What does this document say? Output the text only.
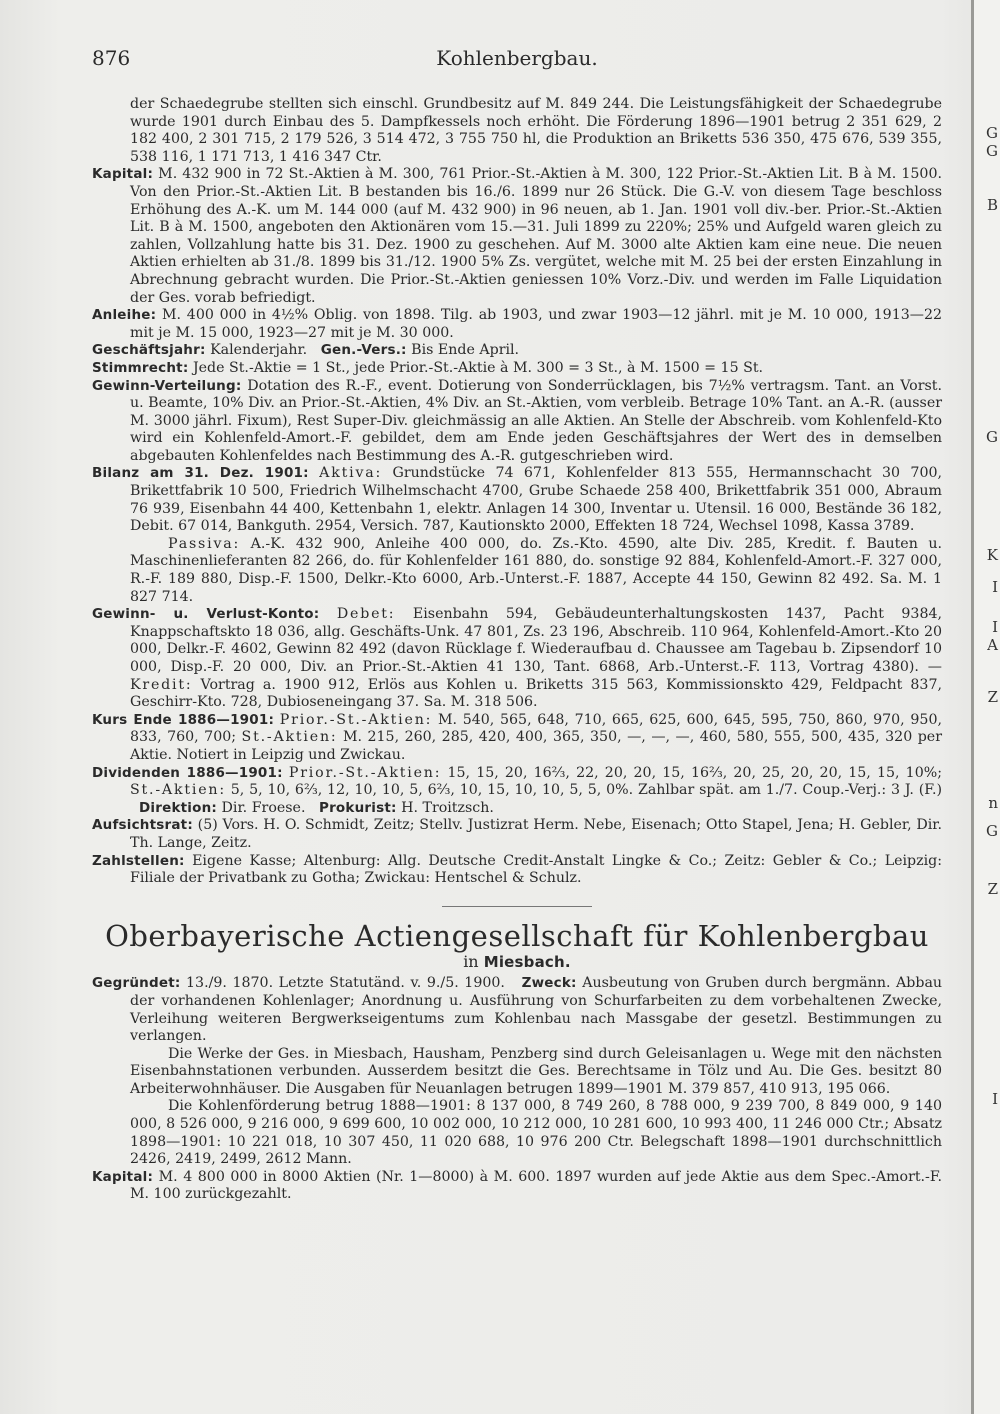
G
G
B
G
K
I
I
A
Z
n
G
Z
I
876	Kohlenbergbau.

der Schaedegrube stellten sich einschl. Grundbesitz auf M. 849 244. Die Leistungsfähigkeit der Schaedegrube wurde 1901 durch Einbau des 5. Dampfkessels noch erhöht. Die Förderung 1896—1901 betrug 2 351 629, 2 182 400, 2 301 715, 2 179 526, 3 514 472, 3 755 750 hl, die Produktion an Briketts 536 350, 475 676, 539 355, 538 116, 1 171 713, 1 416 347 Ctr.

Kapital: M. 432 900 in 72 St.-Aktien à M. 300, 761 Prior.-St.-Aktien à M. 300, 122 Prior.-St.-Aktien Lit. B à M. 1500. Von den Prior.-St.-Aktien Lit. B bestanden bis 16./6. 1899 nur 26 Stück. Die G.-V. von diesem Tage beschloss Erhöhung des A.-K. um M. 144 000 (auf M. 432 900) in 96 neuen, ab 1. Jan. 1901 voll div.-ber. Prior.-St.-Aktien Lit. B à M. 1500, angeboten den Aktionären vom 15.—31. Juli 1899 zu 220%; 25% und Aufgeld waren gleich zu zahlen, Vollzahlung hatte bis 31. Dez. 1900 zu geschehen. Auf M. 3000 alte Aktien kam eine neue. Die neuen Aktien erhielten ab 31./8. 1899 bis 31./12. 1900 5% Zs. vergütet, welche mit M. 25 bei der ersten Einzahlung in Abrechnung gebracht wurden. Die Prior.-St.-Aktien geniessen 10% Vorz.-Div. und werden im Falle Liquidation der Ges. vorab befriedigt.

Anleihe: M. 400 000 in 4½% Oblig. von 1898. Tilg. ab 1903, und zwar 1903—12 jährl. mit je M. 10 000, 1913—22 mit je M. 15 000, 1923—27 mit je M. 30 000.

Geschäftsjahr: Kalenderjahr. Gen.-Vers.: Bis Ende April.

Stimmrecht: Jede St.-Aktie = 1 St., jede Prior.-St.-Aktie à M. 300 = 3 St., à M. 1500 = 15 St.

Gewinn-Verteilung: Dotation des R.-F., event. Dotierung von Sonderrücklagen, bis 7½% vertragsm. Tant. an Vorst. u. Beamte, 10% Div. an Prior.-St.-Aktien, 4% Div. an St.-Aktien, vom verbleib. Betrage 10% Tant. an A.-R. (ausser M. 3000 jährl. Fixum), Rest Super-Div. gleichmässig an alle Aktien. An Stelle der Abschreib. vom Kohlenfeld-Kto wird ein Kohlenfeld-Amort.-F. gebildet, dem am Ende jeden Geschäftsjahres der Wert des in demselben abgebauten Kohlenfeldes nach Bestimmung des A.-R. gutgeschrieben wird.

Bilanz am 31. Dez. 1901: Aktiva: Grundstücke 74 671, Kohlenfelder 813 555, Hermannschacht 30 700, Brikettfabrik 10 500, Friedrich Wilhelmschacht 4700, Grube Schaede 258 400, Brikettfabrik 351 000, Abraum 76 939, Eisenbahn 44 400, Kettenbahn 1, elektr. Anlagen 14 300, Inventar u. Utensil. 16 000, Bestände 36 182, Debit. 67 014, Bankguth. 2954, Versich. 787, Kautionskto 2000, Effekten 18 724, Wechsel 1098, Kassa 3789.

Passiva: A.-K. 432 900, Anleihe 400 000, do. Zs.-Kto. 4590, alte Div. 285, Kredit. f. Bauten u. Maschinenlieferanten 82 266, do. für Kohlenfelder 161 880, do. sonstige 92 884, Kohlenfeld-Amort.-F. 327 000, R.-F. 189 880, Disp.-F. 1500, Delkr.-Kto 6000, Arb.-Unterst.-F. 1887, Accepte 44 150, Gewinn 82 492. Sa. M. 1 827 714.

Gewinn- u. Verlust-Konto: Debet: Eisenbahn 594, Gebäudeunterhaltungskosten 1437, Pacht 9384, Knappschaftskto 18 036, allg. Geschäfts-Unk. 47 801, Zs. 23 196, Abschreib. 110 964, Kohlenfeld-Amort.-Kto 20 000, Delkr.-F. 4602, Gewinn 82 492 (davon Rücklage f. Wiederaufbau d. Chaussee am Tagebau b. Zipsendorf 10 000, Disp.-F. 20 000, Div. an Prior.-St.-Aktien 41 130, Tant. 6868, Arb.-Unterst.-F. 113, Vortrag 4380). — Kredit: Vortrag a. 1900 912, Erlös aus Kohlen u. Briketts 315 563, Kommissionskto 429, Feldpacht 837, Geschirr-Kto. 728, Dubioseneingang 37. Sa. M. 318 506.

Kurs Ende 1886—1901: Prior.-St.-Aktien: M. 540, 565, 648, 710, 665, 625, 600, 645, 595, 750, 860, 970, 950, 833, 760, 700; St.-Aktien: M. 215, 260, 285, 420, 400, 365, 350, —, —, —, 460, 580, 555, 500, 435, 320 per Aktie. Notiert in Leipzig und Zwickau.

Dividenden 1886—1901: Prior.-St.-Aktien: 15, 15, 20, 16⅔, 22, 20, 20, 15, 16⅔, 20, 25, 20, 20, 15, 15, 10%; St.-Aktien: 5, 5, 10, 6⅔, 12, 10, 10, 5, 6⅔, 10, 15, 10, 10, 5, 5, 0%. Zahlbar spät. am 1./7. Coup.-Verj.: 3 J. (F.)   Direktion: Dir. Froese. Prokurist: H. Troitzsch.

Aufsichtsrat: (5) Vors. H. O. Schmidt, Zeitz; Stellv. Justizrat Herm. Nebe, Eisenach; Otto Stapel, Jena; H. Gebler, Dir. Th. Lange, Zeitz.

Zahlstellen: Eigene Kasse; Altenburg: Allg. Deutsche Credit-Anstalt Lingke & Co.; Zeitz: Gebler & Co.; Leipzig: Filiale der Privatbank zu Gotha; Zwickau: Hentschel & Schulz.

Oberbayerische Actiengesellschaft für Kohlenbergbau

in Miesbach.

Gegründet: 13./9. 1870. Letzte Statutänd. v. 9./5. 1900. Zweck: Ausbeutung von Gruben durch bergmänn. Abbau der vorhandenen Kohlenlager; Anordnung u. Ausführung von Schurfarbeiten zu dem vorbehaltenen Zwecke, Verleihung weiteren Bergwerkseigentums zum Kohlenbau nach Massgabe der gesetzl. Bestimmungen zu verlangen.

Die Werke der Ges. in Miesbach, Hausham, Penzberg sind durch Geleisanlagen u. Wege mit den nächsten Eisenbahnstationen verbunden. Ausserdem besitzt die Ges. Berechtsame in Tölz und Au. Die Ges. besitzt 80 Arbeiterwohnhäuser. Die Ausgaben für Neuanlagen betrugen 1899—1901 M. 379 857, 410 913, 195 066.

Die Kohlenförderung betrug 1888—1901: 8 137 000, 8 749 260, 8 788 000, 9 239 700, 8 849 000, 9 140 000, 8 526 000, 9 216 000, 9 699 600, 10 002 000, 10 212 000, 10 281 600, 10 993 400, 11 246 000 Ctr.; Absatz 1898—1901: 10 221 018, 10 307 450, 11 020 688, 10 976 200 Ctr. Belegschaft 1898—1901 durchschnittlich 2426, 2419, 2499, 2612 Mann.

Kapital: M. 4 800 000 in 8000 Aktien (Nr. 1—8000) à M. 600. 1897 wurden auf jede Aktie aus dem Spec.-Amort.-F. M. 100 zurückgezahlt.
